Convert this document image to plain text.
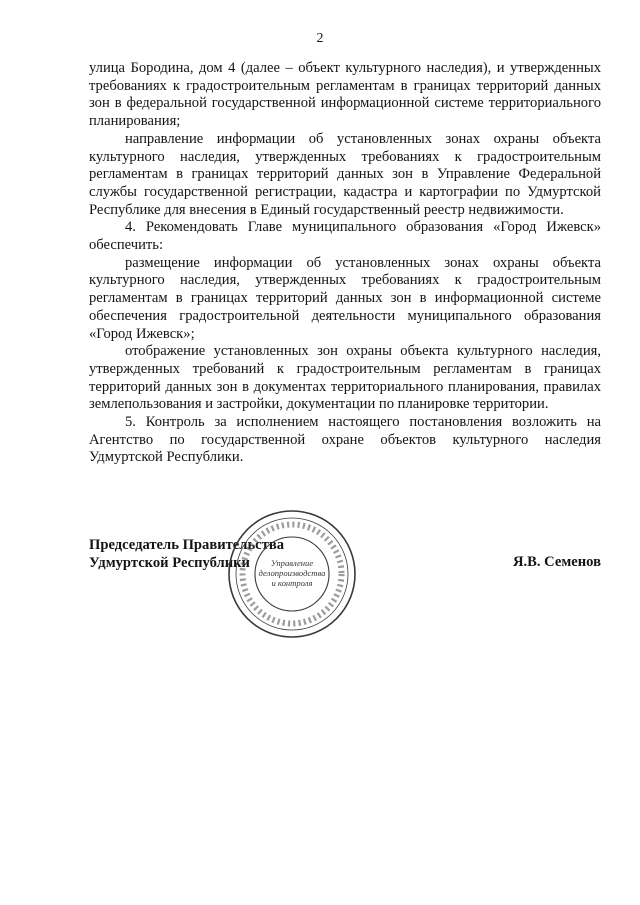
2

улица Бородина, дом 4 (далее – объект культурного наследия), и утвержденных требованиях к градостроительным регламентам в границах территорий данных зон в федеральной государственной информационной системе территориального планирования;

направление информации об установленных зонах охраны объекта культурного наследия, утвержденных требованиях к градостроительным регламентам в границах территорий данных зон в Управление Федеральной службы государственной регистрации, кадастра и картографии по Удмуртской Республике для внесения в Единый государственный реестр недвижимости.

4. Рекомендовать Главе муниципального образования «Город Ижевск» обеспечить:

размещение информации об установленных зонах охраны объекта культурного наследия, утвержденных требованиях к градостроительным регламентам в границах территорий данных зон в информационной системе обеспечения градостроительной деятельности муниципального образования «Город Ижевск»;

отображение установленных зон охраны объекта культурного наследия, утвержденных требований к градостроительным регламентам в границах территорий данных зон в документах территориального планирования, правилах землепользования и застройки, документации по планировке территории.

5. Контроль за исполнением настоящего постановления возложить на Агентство по государственной охране объектов культурного наследия Удмуртской Республики.

Председатель Правительства
Удмуртской Республики	Я.В. Семенов
Управление
делопроизводства
и контроля
